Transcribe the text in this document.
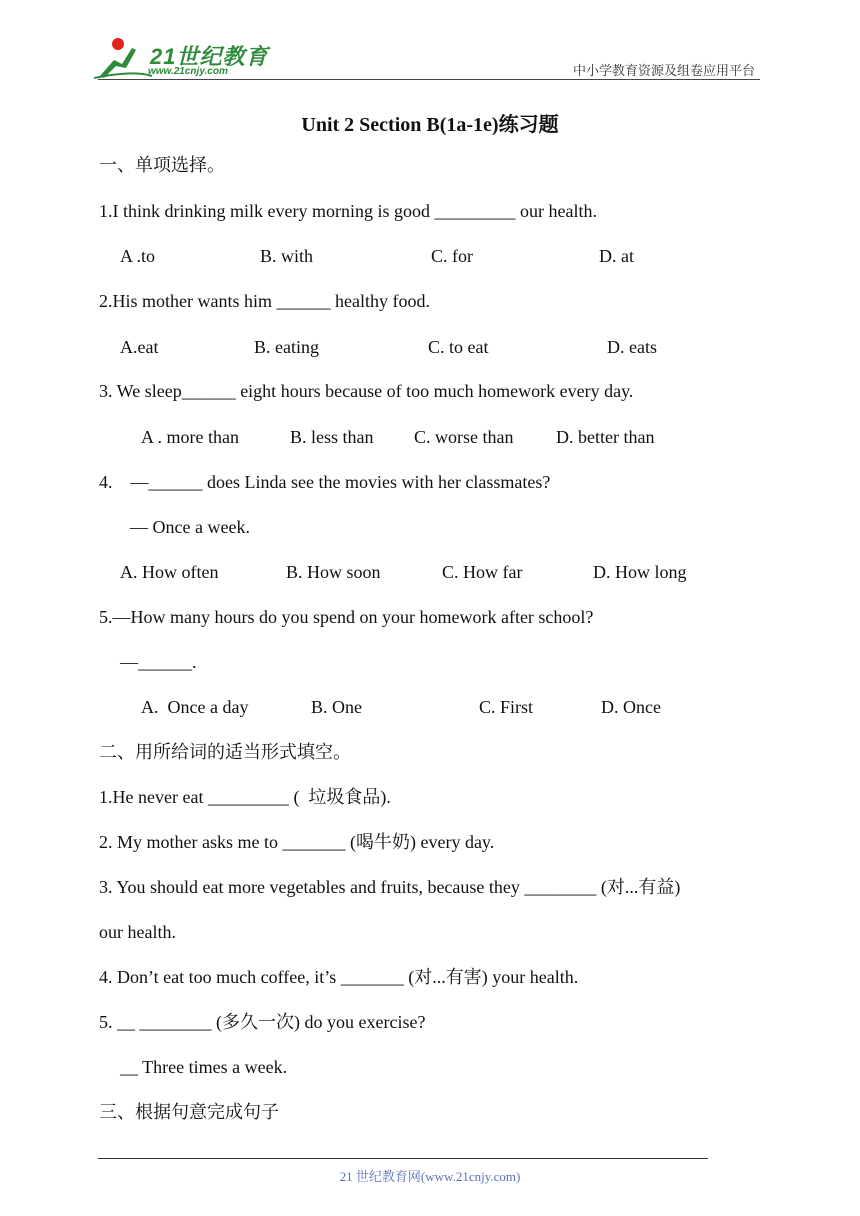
21世纪教育
www.21cnjy.com	中小学教育资源及组卷应用平台
Unit 2 Section B(1a-1e)练习题
一、单项选择。
1.I think drinking milk every morning is good _________ our health.
A .to	B. with	C. for	D. at
2.His mother wants him ______ healthy food.
A.eat	B. eating	C. to eat	D. eats
3. We sleep______ eight hours because of too much homework every day.
A . more than	B. less than C. worse than D. better than
4.    —______ does Linda see the movies with her classmates?
— Once a week.
A. How often	B. How soon	C. How far	D. How long
5.—How many hours do you spend on your homework after school?
—______.
A.  Once a day	B. One	C. First	D. Once
二、用所给词的适当形式填空。
1.He never eat _________ (  垃圾食品).
2. My mother asks me to _______ (喝牛奶) every day.
3. You should eat more vegetables and fruits, because they ________ (对...有益)
our health.
4. Don’t eat too much coffee, it’s _______ (对...有害) your health.
5. __ ________ (多久一次) do you exercise?
__ Three times a week.
三、根据句意完成句子
21 世纪教育网(www.21cnjy.com)
